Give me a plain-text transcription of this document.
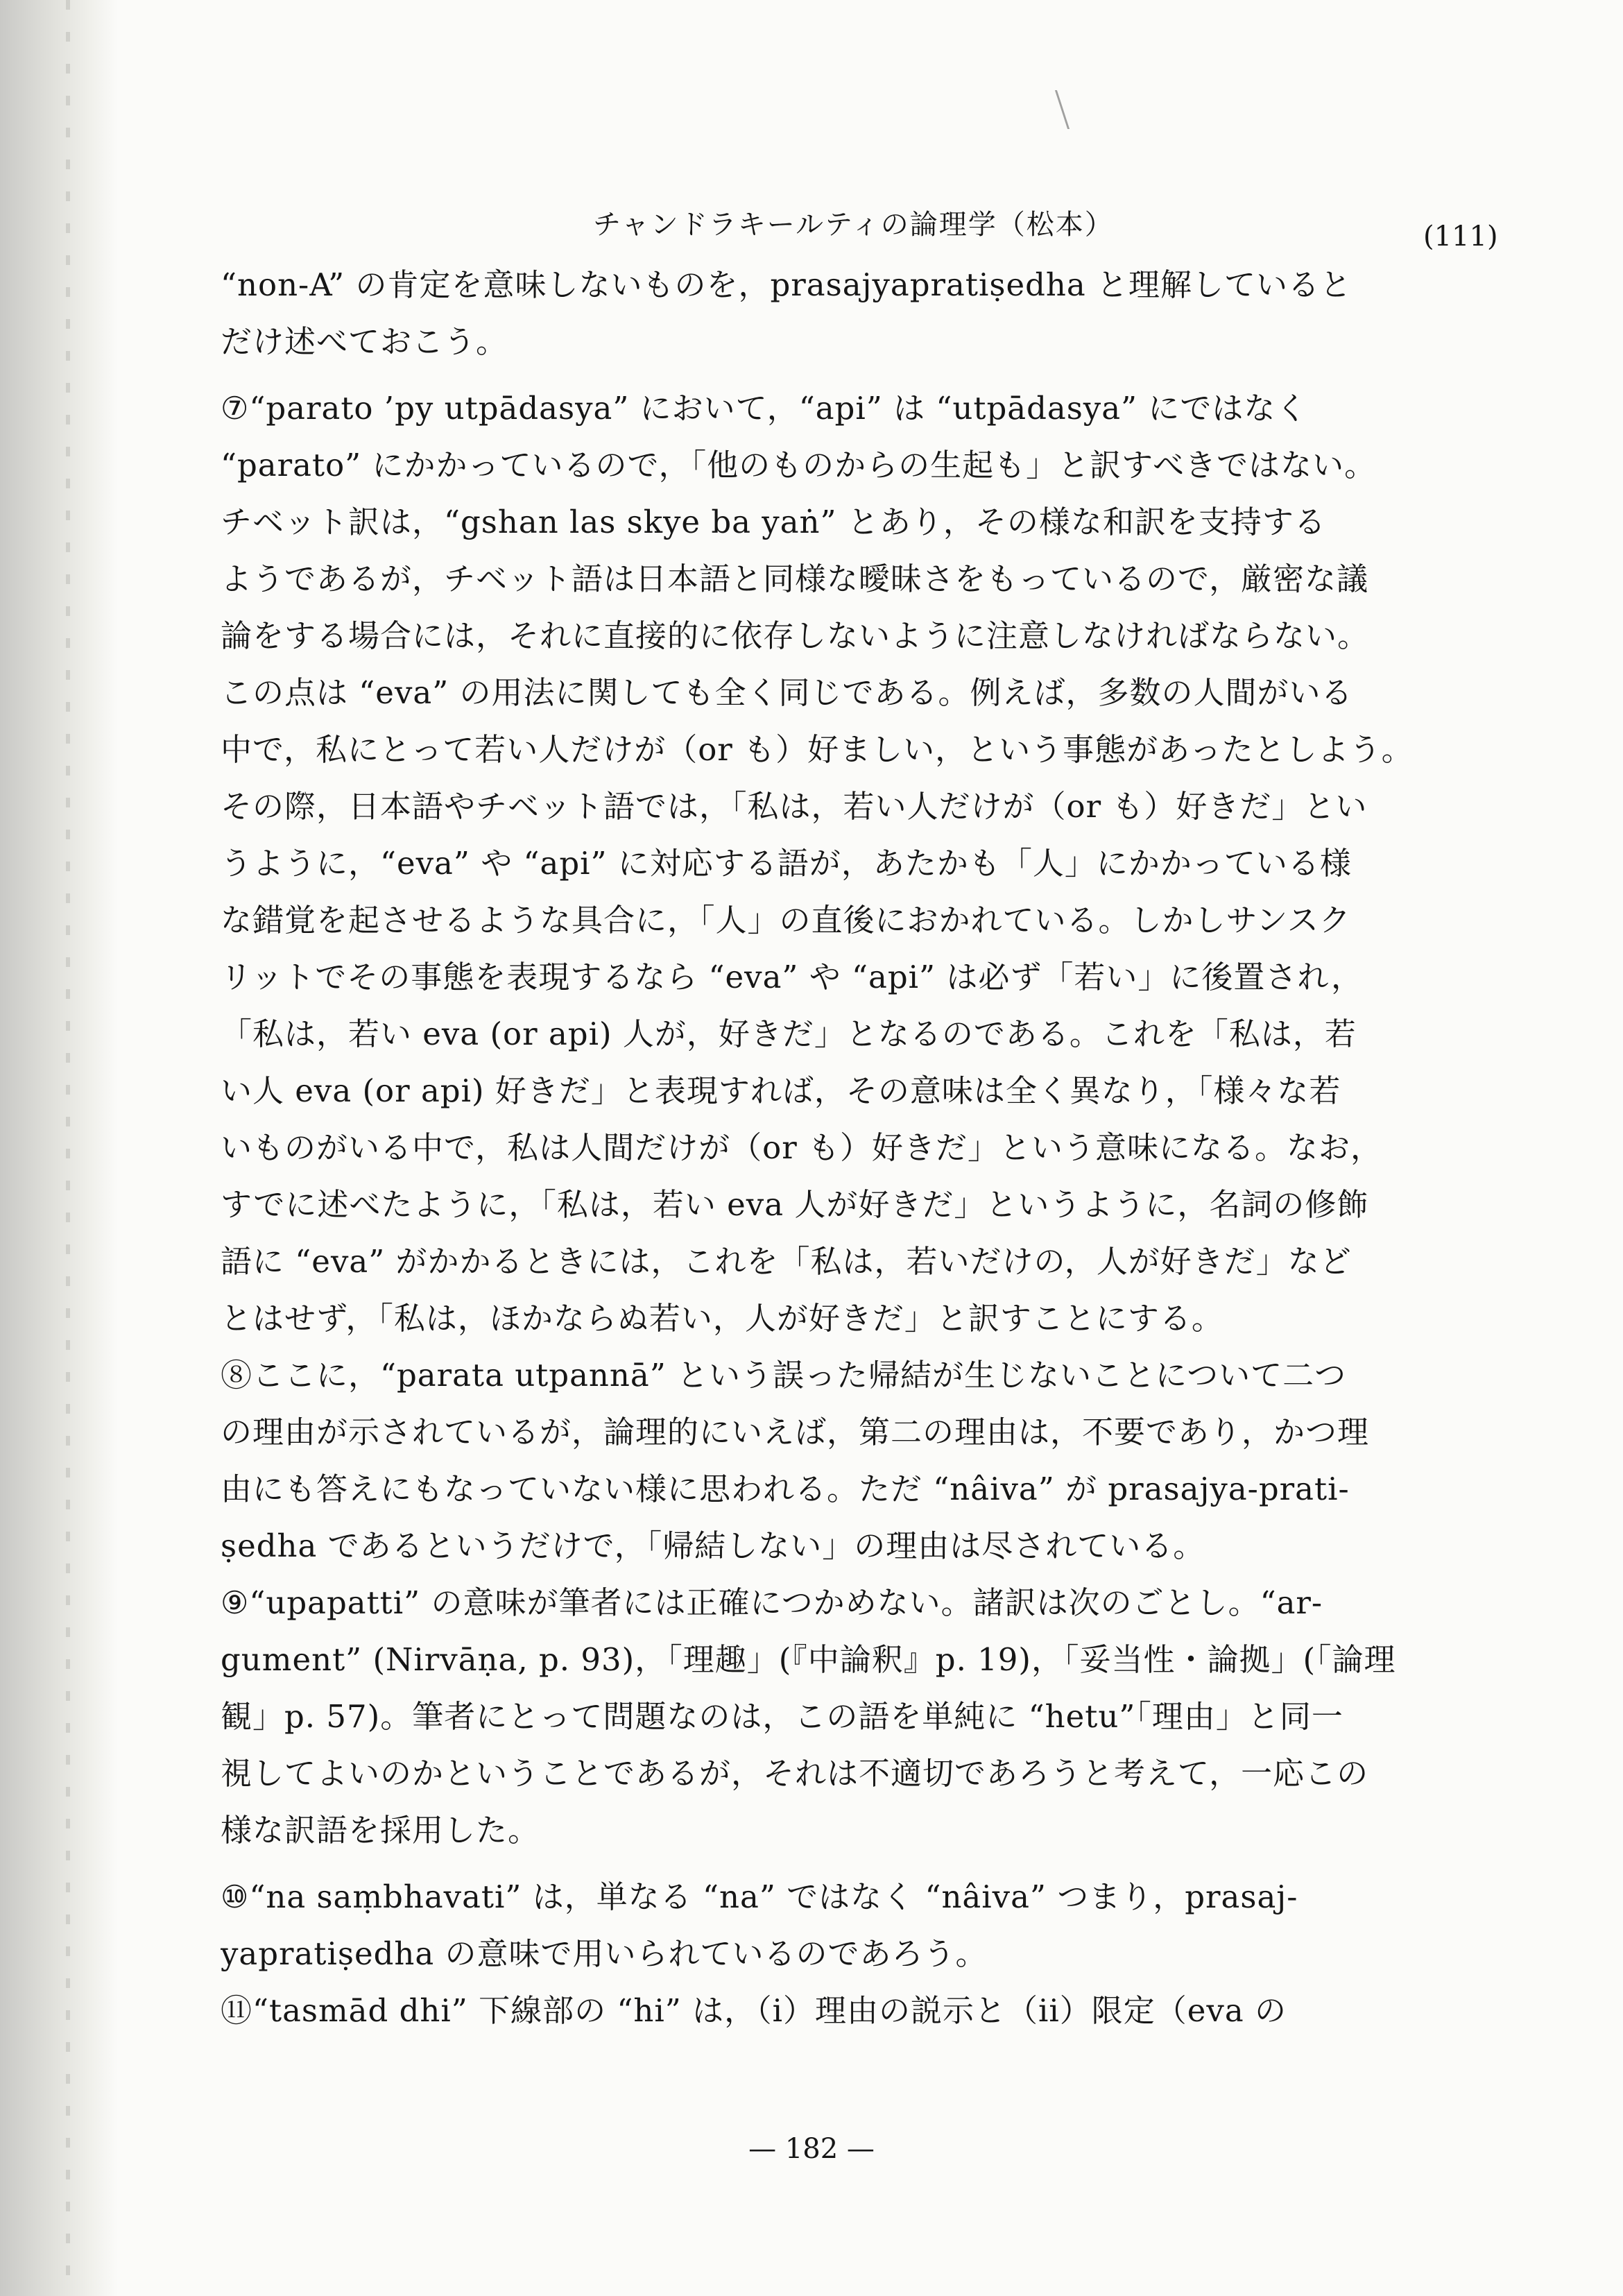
チャンドラキールティの論理学（松本）	(111)
“non-A” の肯定を意味しないものを，prasajyapratiṣedha と理解していると
だけ述べておこう。
⑦“parato ’py utpādasya” において，“api” は “utpādasya” にではなく
“parato” にかかっているので，「他のものからの生起も」と訳すべきではない。
チベット訳は，“gshan las skye ba yaṅ” とあり，その様な和訳を支持する
ようであるが，チベット語は日本語と同様な曖昧さをもっているので，厳密な議
論をする場合には，それに直接的に依存しないように注意しなければならない。
この点は “eva” の用法に関しても全く同じである。例えば，多数の人間がいる
中で，私にとって若い人だけが（or も）好ましい，という事態があったとしよう。
その際，日本語やチベット語では，「私は，若い人だけが（or も）好きだ」とい
うように，“eva” や “api” に対応する語が，あたかも「人」にかかっている様
な錯覚を起させるような具合に，「人」の直後におかれている。しかしサンスク
リットでその事態を表現するなら “eva” や “api” は必ず「若い」に後置され，
「私は，若い eva (or api) 人が，好きだ」となるのである。これを「私は，若
い人 eva (or api) 好きだ」と表現すれば，その意味は全く異なり，「様々な若
いものがいる中で，私は人間だけが（or も）好きだ」という意味になる。なお，
すでに述べたように，「私は，若い eva 人が好きだ」というように，名詞の修飾
語に “eva” がかかるときには，これを「私は，若いだけの，人が好きだ」など
とはせず，「私は，ほかならぬ若い，人が好きだ」と訳すことにする。
⑧ここに，“parata utpannā” という誤った帰結が生じないことについて二つ
の理由が示されているが，論理的にいえば，第二の理由は，不要であり，かつ理
由にも答えにもなっていない様に思われる。ただ “nâiva” が prasajya-prati-
ṣedha であるというだけで，「帰結しない」の理由は尽されている。
⑨“upapatti” の意味が筆者には正確につかめない。諸訳は次のごとし。“ar-
gument” (Nirvāṇa, p. 93)，「理趣」(『中論釈』p. 19)，「妥当性・論拠」(「論理
観」p. 57)。筆者にとって問題なのは，この語を単純に “hetu”「理由」と同一
視してよいのかということであるが，それは不適切であろうと考えて，一応この
様な訳語を採用した。
⑩“na saṃbhavati” は，単なる “na” ではなく “nâiva” つまり，prasaj-
yapratiṣedha の意味で用いられているのであろう。
⑪“tasmād dhi” 下線部の “hi” は，（i）理由の説示と（ii）限定（eva の
— 182 —
